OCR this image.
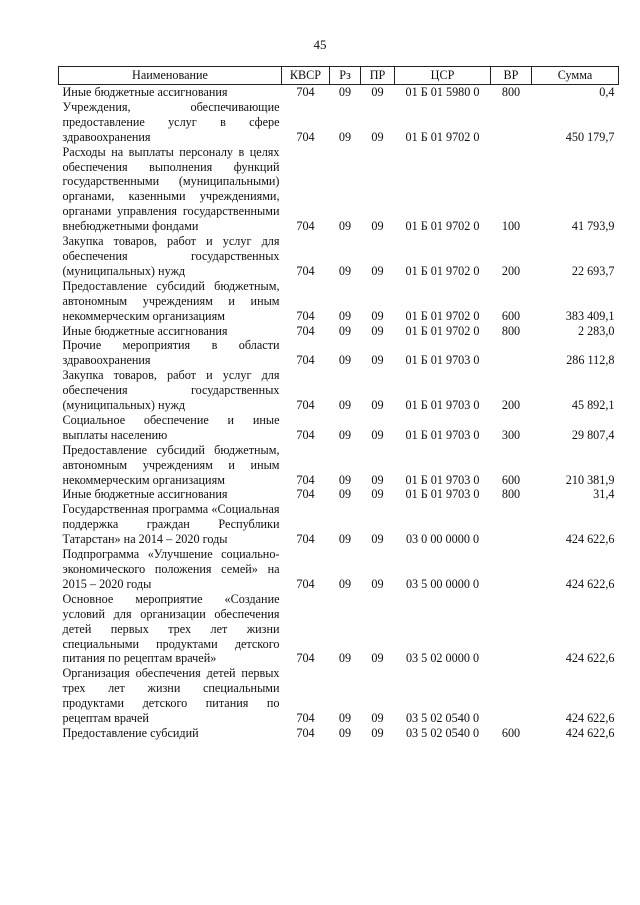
45
Наименование	КВСР	Рз	ПР	ЦСР	ВР	Сумма
Иные бюджетные ассигнования	704	09	09	01 Б 01 5980 0	800	0,4
Учреждения, обеспечивающие предоставление услуг в сфере здравоохранения	704	09	09	01 Б 01 9702 0		450 179,7
Расходы на выплаты персоналу в целях обеспечения выполнения функций государственными (муниципальными) органами, казенными учреждениями, органами управления государственными внебюджетными фондами	704	09	09	01 Б 01 9702 0	100	41 793,9
Закупка товаров, работ и услуг для обеспечения государственных (муниципальных) нужд	704	09	09	01 Б 01 9702 0	200	22 693,7
Предоставление субсидий бюджетным, автономным учреждениям и иным некоммерческим организациям	704	09	09	01 Б 01 9702 0	600	383 409,1
Иные бюджетные ассигнования	704	09	09	01 Б 01 9702 0	800	2 283,0
Прочие мероприятия в области здравоохранения	704	09	09	01 Б 01 9703 0		286 112,8
Закупка товаров, работ и услуг для обеспечения государственных (муниципальных) нужд	704	09	09	01 Б 01 9703 0	200	45 892,1
Социальное обеспечение и иные выплаты населению	704	09	09	01 Б 01 9703 0	300	29 807,4
Предоставление субсидий бюджетным, автономным учреждениям и иным некоммерческим организациям	704	09	09	01 Б 01 9703 0	600	210 381,9
Иные бюджетные ассигнования	704	09	09	01 Б 01 9703 0	800	31,4
Государственная программа «Социальная поддержка граждан Республики Татарстан» на 2014 – 2020 годы	704	09	09	03 0 00 0000 0		424 622,6
Подпрограмма «Улучшение социально-экономического положения семей» на 2015 – 2020 годы	704	09	09	03 5 00 0000 0		424 622,6
Основное мероприятие «Создание условий для организации обеспечения детей первых трех лет жизни специальными продуктами детского питания по рецептам врачей»	704	09	09	03 5 02 0000 0		424 622,6
Организация обеспечения детей первых трех лет жизни специальными продуктами детского питания по рецептам врачей	704	09	09	03 5 02 0540 0		424 622,6
Предоставление субсидий	704	09	09	03 5 02 0540 0	600	424 622,6
